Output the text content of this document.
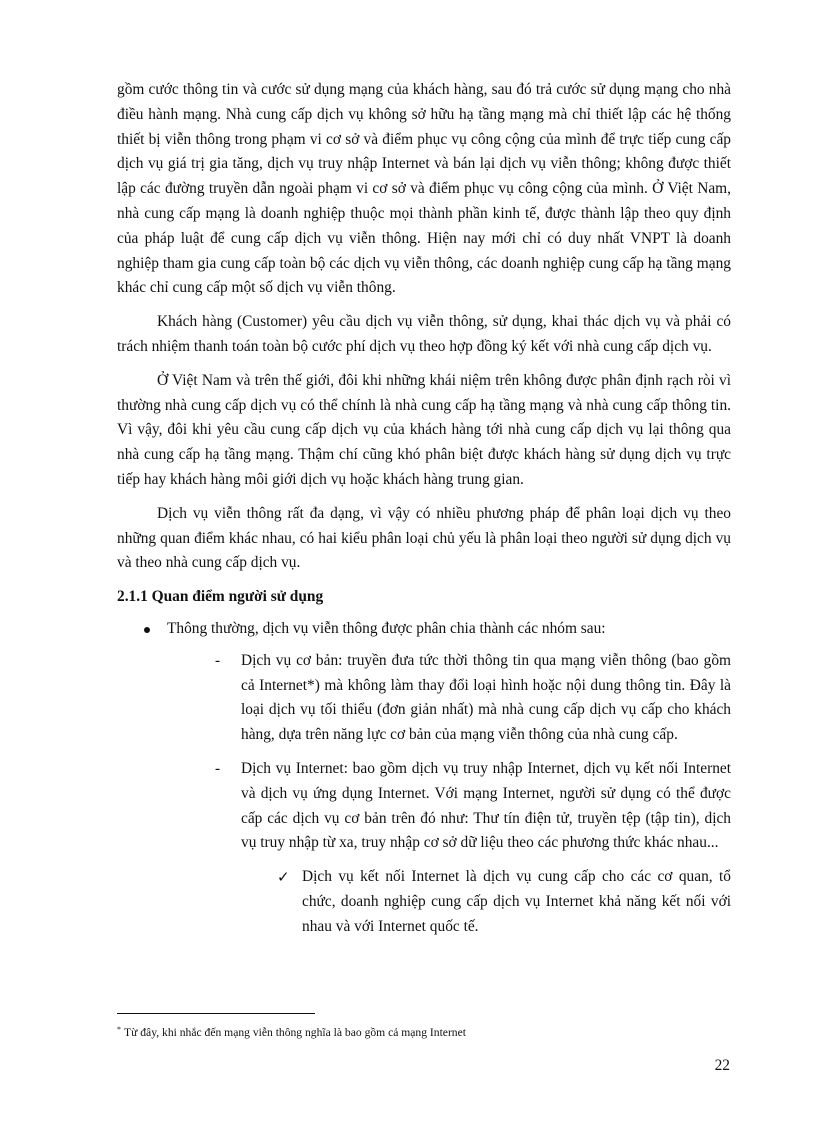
gồm cước thông tin và cước sử dụng mạng của khách hàng, sau đó trả cước sử dụng mạng cho nhà điều hành mạng. Nhà cung cấp dịch vụ không sở hữu hạ tầng mạng mà chỉ thiết lập các hệ thống thiết bị viễn thông trong phạm vi cơ sở và điểm phục vụ công cộng của mình để trực tiếp cung cấp dịch vụ giá trị gia tăng, dịch vụ truy nhập Internet và bán lại dịch vụ viễn thông; không được thiết lập các đường truyền dẫn ngoài phạm vi cơ sở và điểm phục vụ công cộng của mình. Ở Việt Nam, nhà cung cấp mạng là doanh nghiệp thuộc mọi thành phần kinh tế, được thành lập theo quy định của pháp luật để cung cấp dịch vụ viễn thông. Hiện nay mới chỉ có duy nhất VNPT là doanh nghiệp tham gia cung cấp toàn bộ các dịch vụ viễn thông, các doanh nghiệp cung cấp hạ tầng mạng khác chỉ cung cấp một số dịch vụ viễn thông.

Khách hàng (Customer) yêu cầu dịch vụ viễn thông, sử dụng, khai thác dịch vụ và phải có trách nhiệm thanh toán toàn bộ cước phí dịch vụ theo hợp đồng ký kết với nhà cung cấp dịch vụ.

Ở Việt Nam và trên thế giới, đôi khi những khái niệm trên không được phân định rạch ròi vì thường nhà cung cấp dịch vụ có thể chính là nhà cung cấp hạ tầng mạng và nhà cung cấp thông tin. Vì vậy, đôi khi yêu cầu cung cấp dịch vụ của khách hàng tới nhà cung cấp dịch vụ lại thông qua nhà cung cấp hạ tầng mạng. Thậm chí cũng khó phân biệt được khách hàng sử dụng dịch vụ trực tiếp hay khách hàng môi giới dịch vụ hoặc khách hàng trung gian.

Dịch vụ viễn thông rất đa dạng, vì vậy có nhiều phương pháp để phân loại dịch vụ theo những quan điểm khác nhau, có hai kiểu phân loại chủ yếu là phân loại theo người sử dụng dịch vụ và theo nhà cung cấp dịch vụ.

2.1.1 Quan điểm người sử dụng
Thông thường, dịch vụ viễn thông được phân chia thành các nhóm sau:
- Dịch vụ cơ bản: truyền đưa tức thời thông tin qua mạng viễn thông (bao gồm cả Internet*) mà không làm thay đổi loại hình hoặc nội dung thông tin. Đây là loại dịch vụ tối thiểu (đơn giản nhất) mà nhà cung cấp dịch vụ cấp cho khách hàng, dựa trên năng lực cơ bản của mạng viễn thông của nhà cung cấp.
- Dịch vụ Internet: bao gồm dịch vụ truy nhập Internet, dịch vụ kết nối Internet và dịch vụ ứng dụng Internet. Với mạng Internet, người sử dụng có thể được cấp các dịch vụ cơ bản trên đó như: Thư tín điện tử, truyền tệp (tập tin), dịch vụ truy nhập từ xa, truy nhập cơ sở dữ liệu theo các phương thức khác nhau...
✓ Dịch vụ kết nối Internet là dịch vụ cung cấp cho các cơ quan, tổ chức, doanh nghiệp cung cấp dịch vụ Internet khả năng kết nối với nhau và với Internet quốc tế.
* Từ đây, khi nhắc đến mạng viễn thông nghĩa là bao gồm cả mạng Internet
22
